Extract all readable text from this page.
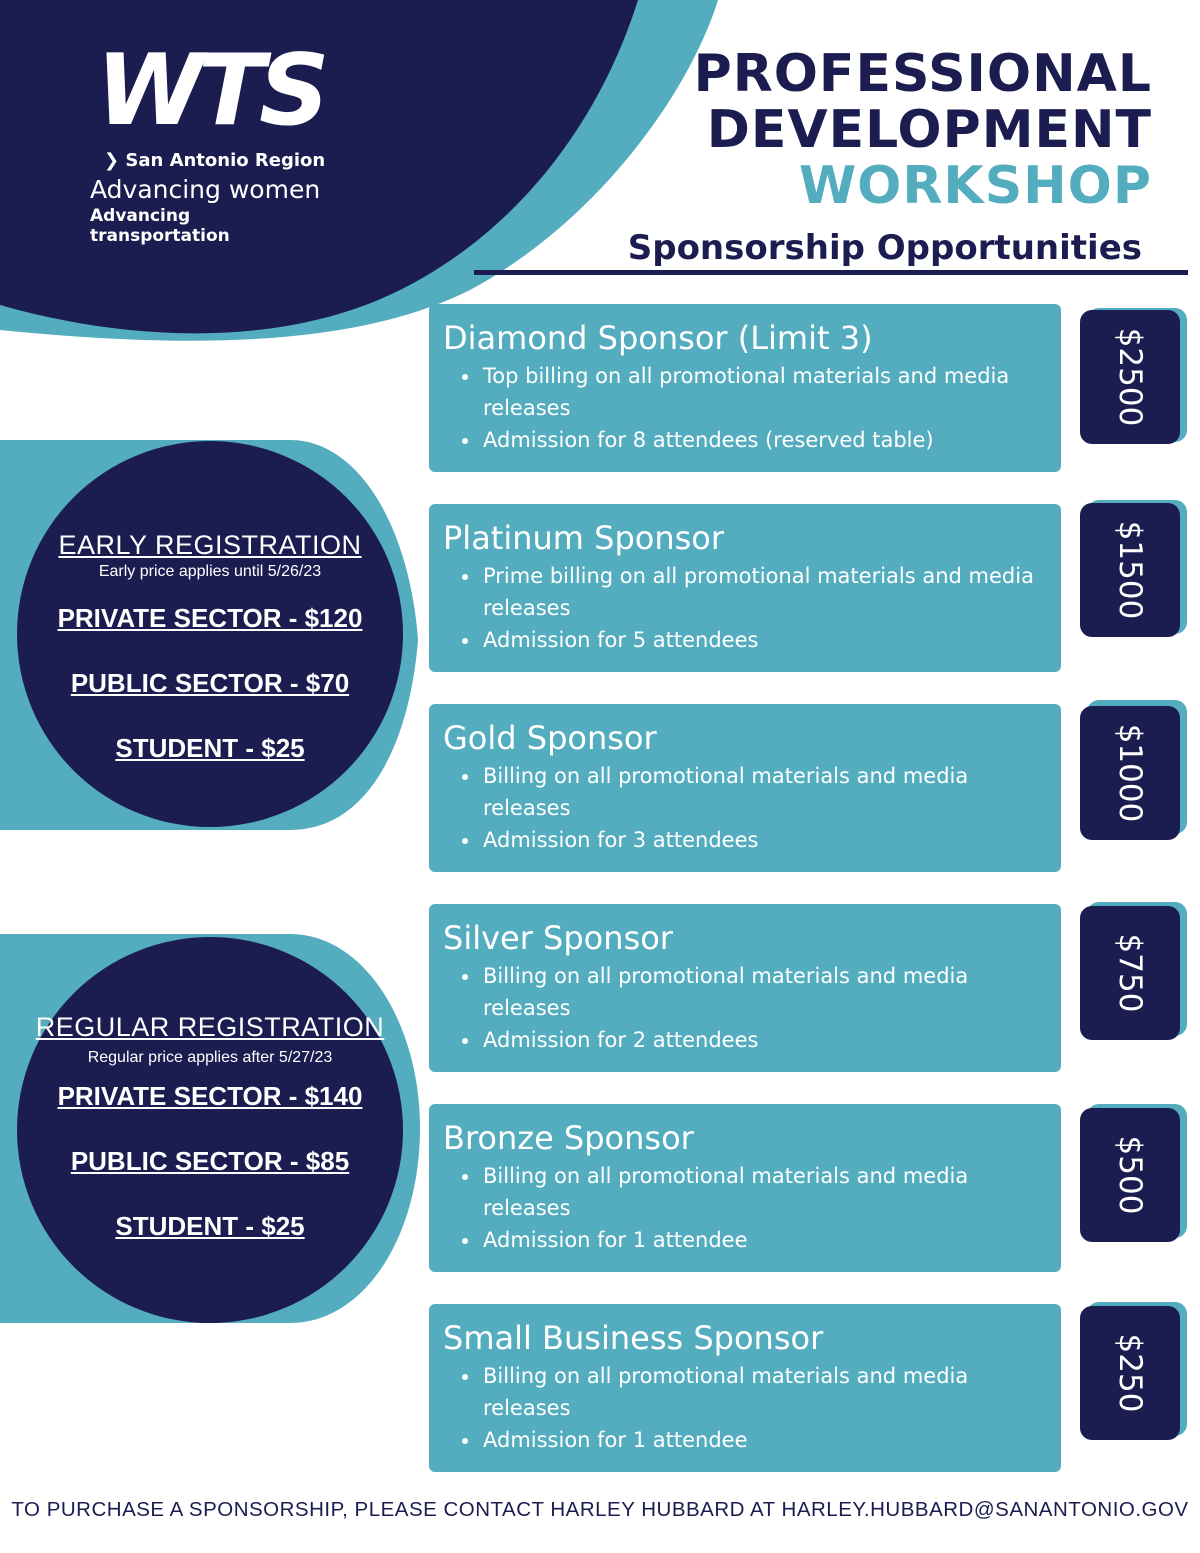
WTS
❯ San Antonio Region
Advancing women
Advancing transportation
PROFESSIONAL
DEVELOPMENT
WORKSHOP
Sponsorship Opportunities
EARLY REGISTRATION
Early price applies until 5/26/23
PRIVATE SECTOR - $120
PUBLIC SECTOR - $70
STUDENT - $25
REGULAR REGISTRATION
Regular price applies after 5/27/23
PRIVATE SECTOR - $140
PUBLIC SECTOR - $85
STUDENT - $25
Diamond Sponsor (Limit 3)
• Top billing on all promotional materials and media releases
• Admission for 8 attendees (reserved table)
$2500
Platinum Sponsor
• Prime billing on all promotional materials and media releases
• Admission for 5 attendees
$1500
Gold Sponsor
• Billing on all promotional materials and media releases
• Admission for 3 attendees
$1000
Silver Sponsor
• Billing on all promotional materials and media releases
• Admission for 2 attendees
$750
Bronze Sponsor
• Billing on all promotional materials and media releases
• Admission for 1 attendee
$500
Small Business Sponsor
• Billing on all promotional materials and media releases
• Admission for 1 attendee
$250
TO PURCHASE A SPONSORSHIP, PLEASE CONTACT HARLEY HUBBARD AT HARLEY.HUBBARD@SANANTONIO.GOV
